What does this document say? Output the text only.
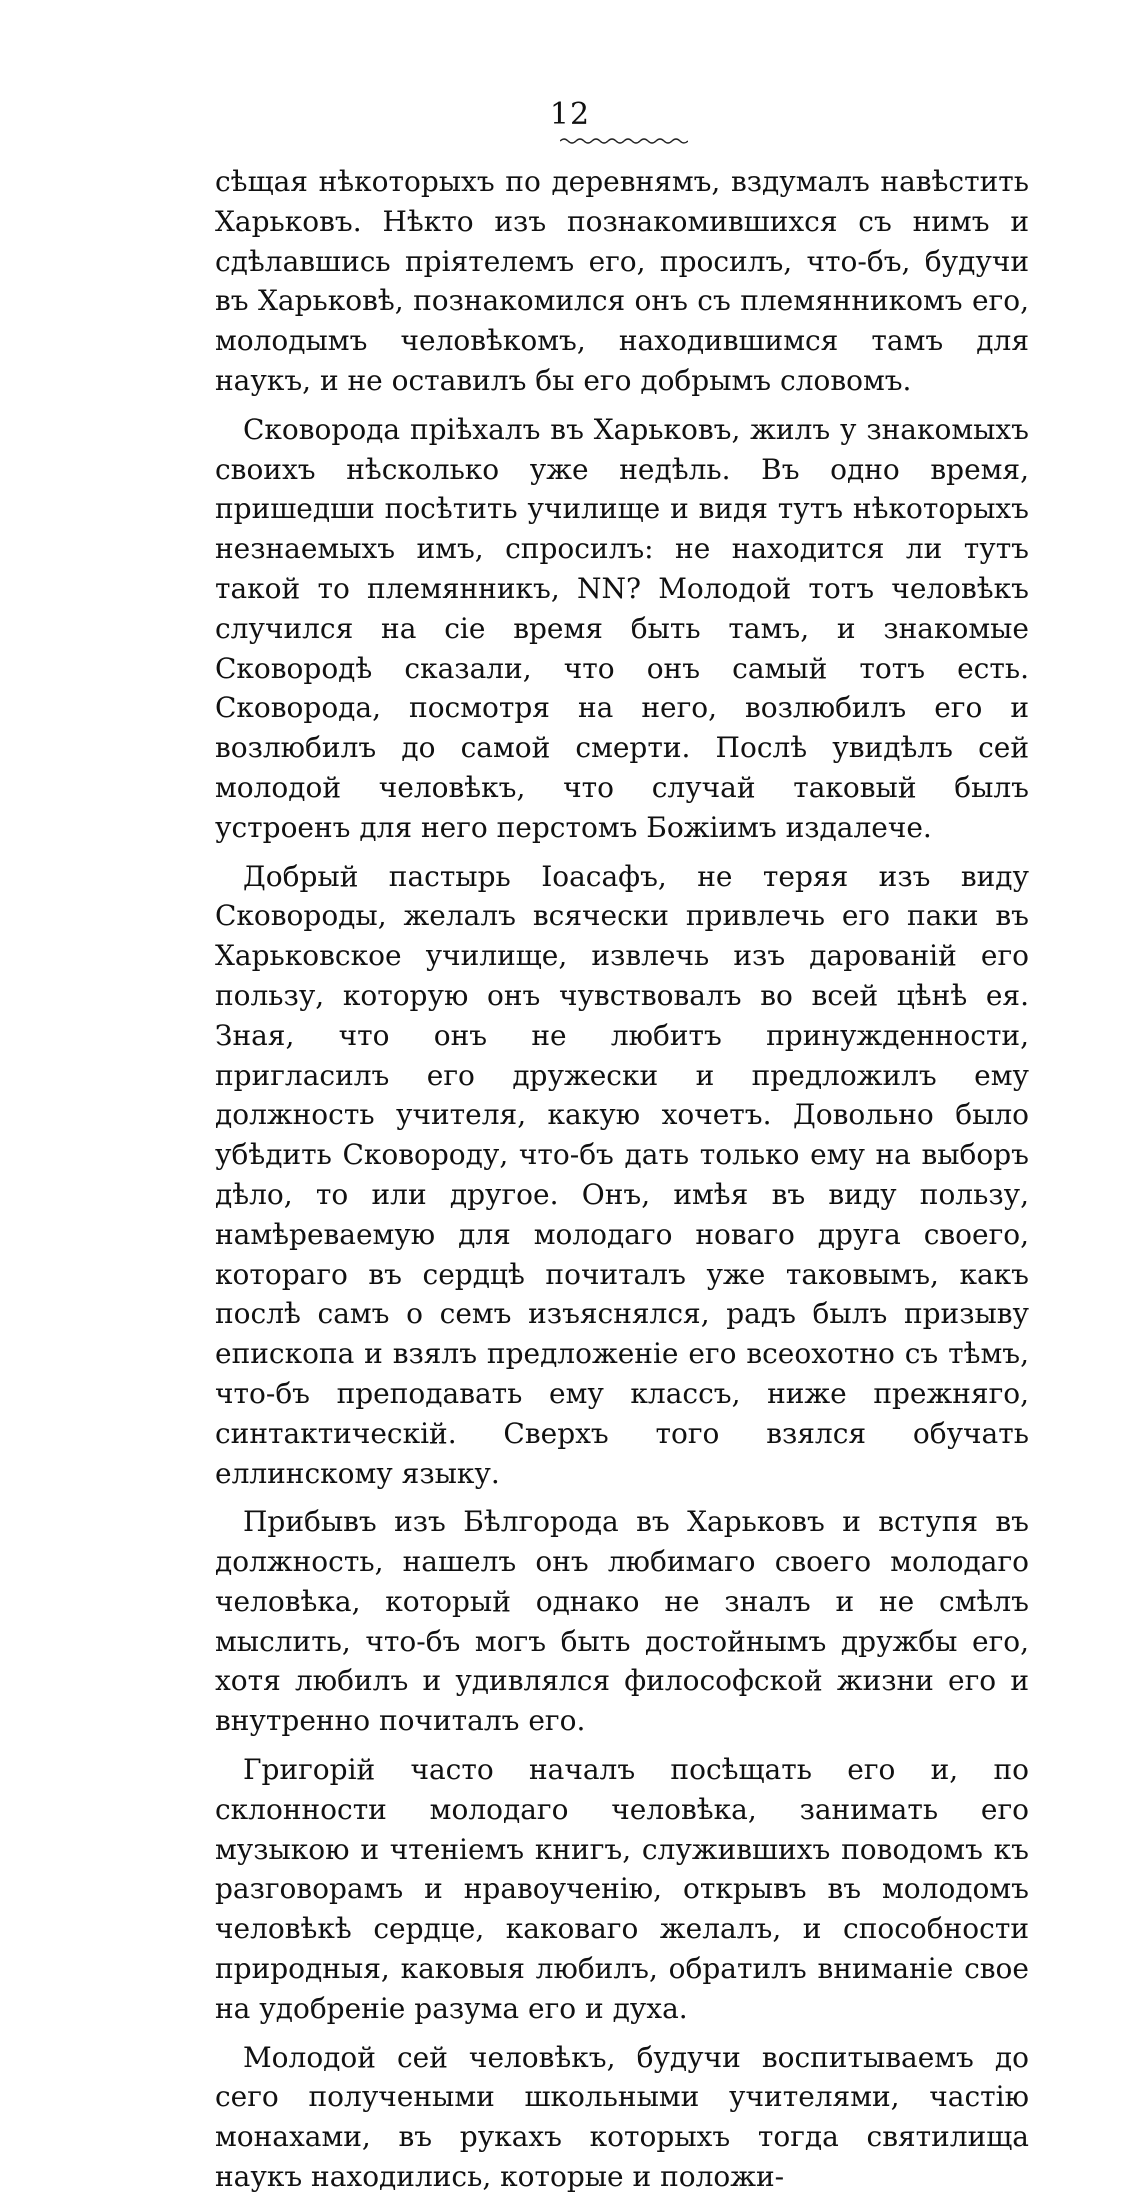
12

сѣщая нѣкоторыхъ по деревнямъ, вздумалъ навѣстить Харьковъ. Нѣкто изъ познакомившихся съ нимъ и сдѣлавшись пріятелемъ его, просилъ, что-бъ, будучи въ Харьковѣ, познакомился онъ съ племянникомъ его, молодымъ человѣкомъ, находившимся тамъ для наукъ, и не оставилъ бы его добрымъ словомъ.

Сковорода пріѣхалъ въ Харьковъ, жилъ у знакомыхъ своихъ нѣсколько уже недѣль. Въ одно время, пришедши посѣтить училище и видя тутъ нѣкоторыхъ незнаемыхъ имъ, спросилъ: не находится ли тутъ такой то племянникъ, NN? Молодой тотъ человѣкъ случился на сіе время быть тамъ, и знакомые Сковородѣ сказали, что онъ самый тотъ есть. Сковорода, посмотря на него, возлюбилъ его и возлюбилъ до самой смерти. Послѣ увидѣлъ сей молодой человѣкъ, что случай таковый былъ устроенъ для него перстомъ Божіимъ издалече.

Добрый пастырь Іоасафъ, не теряя изъ виду Сковороды, желалъ всячески привлечь его паки въ Харьковское училище, извлечь изъ дарованій его пользу, которую онъ чувствовалъ во всей цѣнѣ ея. Зная, что онъ не любитъ принужденности, пригласилъ его дружески и предложилъ ему должность учителя, какую хочетъ. Довольно было убѣдить Сковороду, что-бъ дать только ему на выборъ дѣло, то или другое. Онъ, имѣя въ виду пользу, намѣреваемую для молодаго новаго друга своего, котораго въ сердцѣ почиталъ уже таковымъ, какъ послѣ самъ о семъ изъяснялся, радъ былъ призыву епископа и взялъ предложеніе его всеохотно съ тѣмъ, что-бъ преподавать ему классъ, ниже прежняго, синтактическій. Сверхъ того взялся обучать еллинскому языку.

Прибывъ изъ Бѣлгорода въ Харьковъ и вступя въ должность, нашелъ онъ любимаго своего молодаго человѣка, который однако не зналъ и не смѣлъ мыслить, что-бъ могъ быть достойнымъ дружбы его, хотя любилъ и удивлялся философской жизни его и внутренно почиталъ его.

Григорій часто началъ посѣщать его и, по склонности молодаго человѣка, занимать его музыкою и чтеніемъ книгъ, служившихъ поводомъ къ разговорамъ и нравоученію, открывъ въ молодомъ человѣкѣ сердце, каковаго желалъ, и способности природныя, каковыя любилъ, обратилъ вниманіе свое на удобреніе разума его и духа.

Молодой сей человѣкъ, будучи воспитываемъ до сего получеными школьными учителями, частію монахами, въ рукахъ которыхъ тогда святилища наукъ находились, которые и положи-
